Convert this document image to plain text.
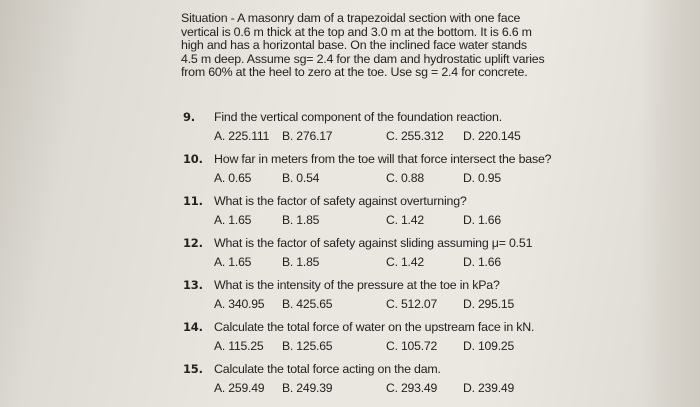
Situation - A masonry dam of a trapezoidal section with one face
vertical is 0.6 m thick at the top and 3.0 m at the bottom. It is 6.6 m
high and has a horizontal base. On the inclined face water stands
4.5 m deep. Assume sg= 2.4 for the dam and hydrostatic uplift varies
from 60% at the heel to zero at the toe. Use sg = 2.4 for concrete.
9. Find the vertical component of the foundation reaction.
A. 225.111 B. 276.17	C. 255.312 D. 220.145
10. How far in meters from the toe will that force intersect the base?
A. 0.65	B. 0.54	C. 0.88	D. 0.95
11. What is the factor of safety against overturning?
A. 1.65	B. 1.85	C. 1.42	D. 1.66
12. What is the factor of safety against sliding assuming μ= 0.51
A. 1.65	B. 1.85	C. 1.42	D. 1.66
13. What is the intensity of the pressure at the toe in kPa?
A. 340.95 B. 425.65	C. 512.07 D. 295.15
14. Calculate the total force of water on the upstream face in kN.
A. 115.25 B. 125.65	C. 105.72 D. 109.25
15. Calculate the total force acting on the dam.
A. 259.49 B. 249.39	C. 293.49 D. 239.49
